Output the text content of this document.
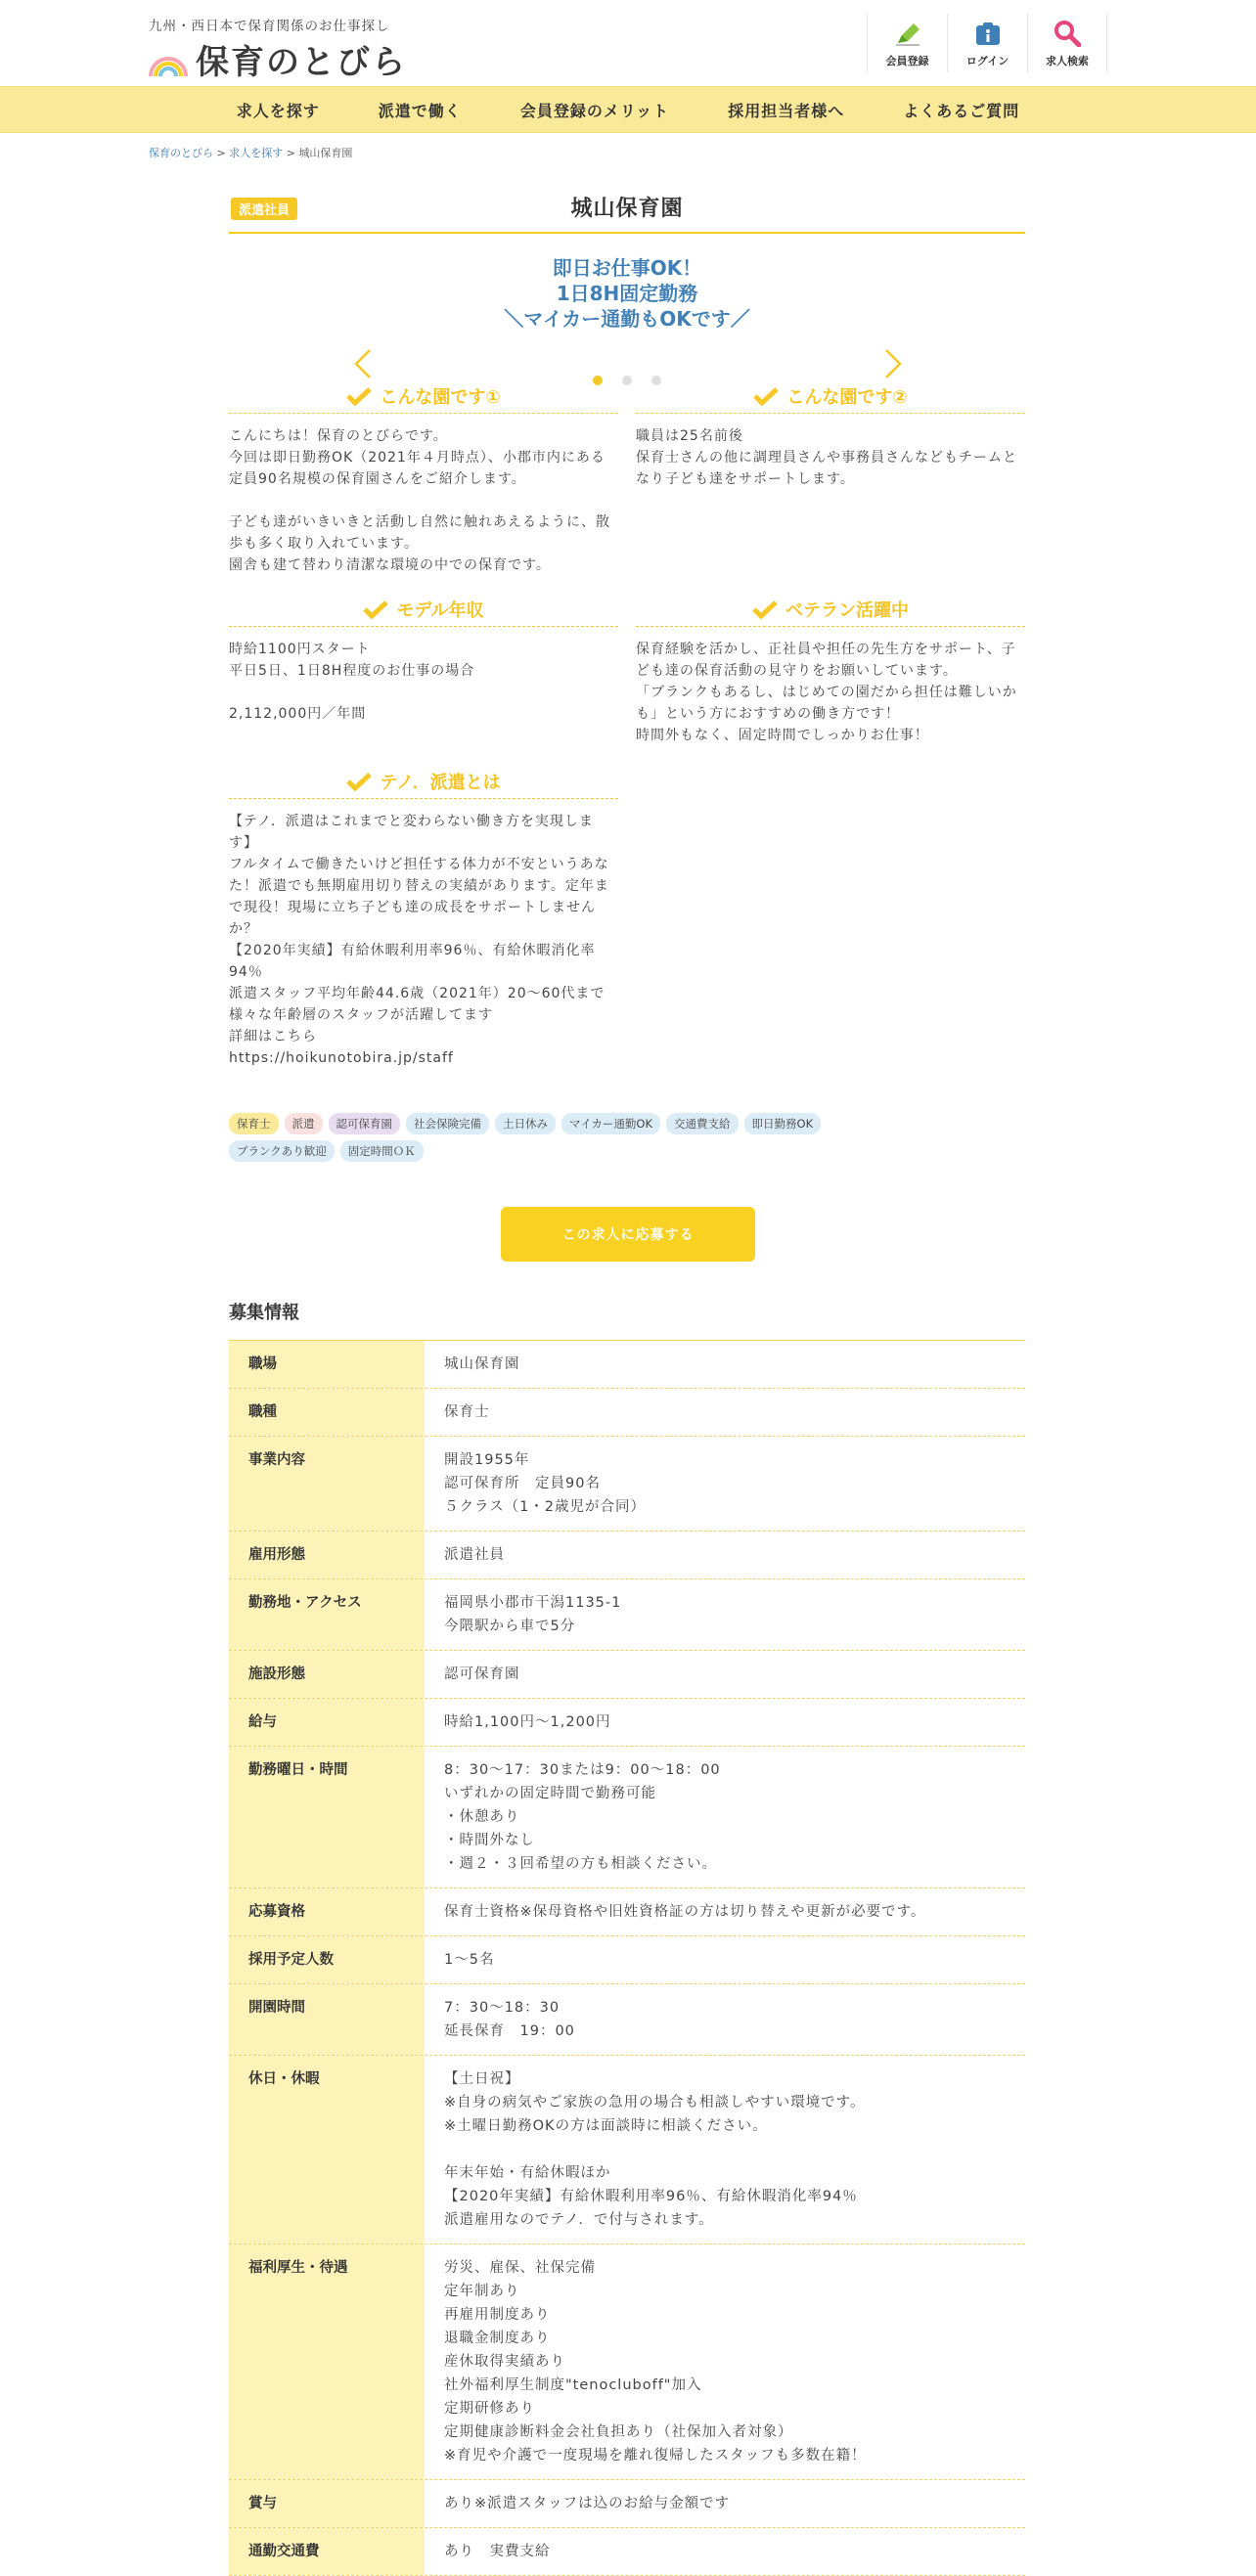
九州・西日本で保育関係のお仕事探し
保育のとびら	会員登録	ログイン	求人検索
求人を探す	派遣で働く	会員登録のメリット	採用担当者様へ	よくあるご質問
保育のとびら > 求人を探す > 城山保育園
派遣社員	城山保育園
即日お仕事OK！
1日8H固定勤務
＼マイカー通勤もOKです／
こんな園です①
こんにちは！保育のとびらです。
今回は即日勤務OK（2021年４月時点）、小郡市内にある定員90名規模の保育園さんをご紹介します。

子ども達がいきいきと活動し自然に触れあえるように、散歩も多く取り入れています。
園舎も建て替わり清潔な環境の中での保育です。
こんな園です②
職員は25名前後
保育士さんの他に調理員さんや事務員さんなどもチームとなり子ども達をサポートします。
モデル年収
時給1100円スタート
平日5日、1日8H程度のお仕事の場合

2,112,000円／年間
ベテラン活躍中
保育経験を活かし、正社員や担任の先生方をサポート、子ども達の保育活動の見守りをお願いしています。
「ブランクもあるし、はじめての園だから担任は難しいかも」という方におすすめの働き方です！
時間外もなく、固定時間でしっかりお仕事！
テノ．派遣とは
【テノ．派遣はこれまでと変わらない働き方を実現します】
フルタイムで働きたいけど担任する体力が不安というあなた！派遣でも無期雇用切り替えの実績があります。定年まで現役！現場に立ち子ども達の成長をサポートしませんか？
【2020年実績】有給休暇利用率96％、有給休暇消化率94％
派遣スタッフ平均年齢44.6歳（2021年）20～60代まで様々な年齢層のスタッフが活躍してます
詳細はこちら
https://hoikunotobira.jp/staff
保育士	派遣	認可保育園	社会保険完備	土日休み	マイカー通勤OK	交通費支給	即日勤務OK
ブランクあり歓迎	固定時間ＯＫ
この求人に応募する
募集情報
職場	城山保育園
職種	保育士
事業内容	開設1955年
認可保育所　定員90名
５クラス（1・2歳児が合同）
雇用形態	派遣社員
勤務地・アクセス	福岡県小郡市干潟1135-1
今隈駅から車で5分
施設形態	認可保育園
給与	時給1,100円～1,200円
勤務曜日・時間	8：30～17：30または9：00～18：00
いずれかの固定時間で勤務可能
・休憩あり
・時間外なし
・週２・３回希望の方も相談ください。
応募資格	保育士資格※保母資格や旧姓資格証の方は切り替えや更新が必要です。
採用予定人数	1～5名
開園時間	7：30～18：30
延長保育　19：00
休日・休暇	【土日祝】
※自身の病気やご家族の急用の場合も相談しやすい環境です。
※土曜日勤務OKの方は面談時に相談ください。

年末年始・有給休暇ほか
【2020年実績】有給休暇利用率96％、有給休暇消化率94％
派遣雇用なのでテノ．で付与されます。
福利厚生・待遇	労災、雇保、社保完備
定年制あり
再雇用制度あり
退職金制度あり
産休取得実績あり
社外福利厚生制度"tenocluboff"加入
定期研修あり
定期健康診断料金会社負担あり（社保加入者対象）
※育児や介護で一度現場を離れ復帰したスタッフも多数在籍！
賞与	あり※派遣スタッフは込のお給与金額です
通勤交通費	あり　実費支給
